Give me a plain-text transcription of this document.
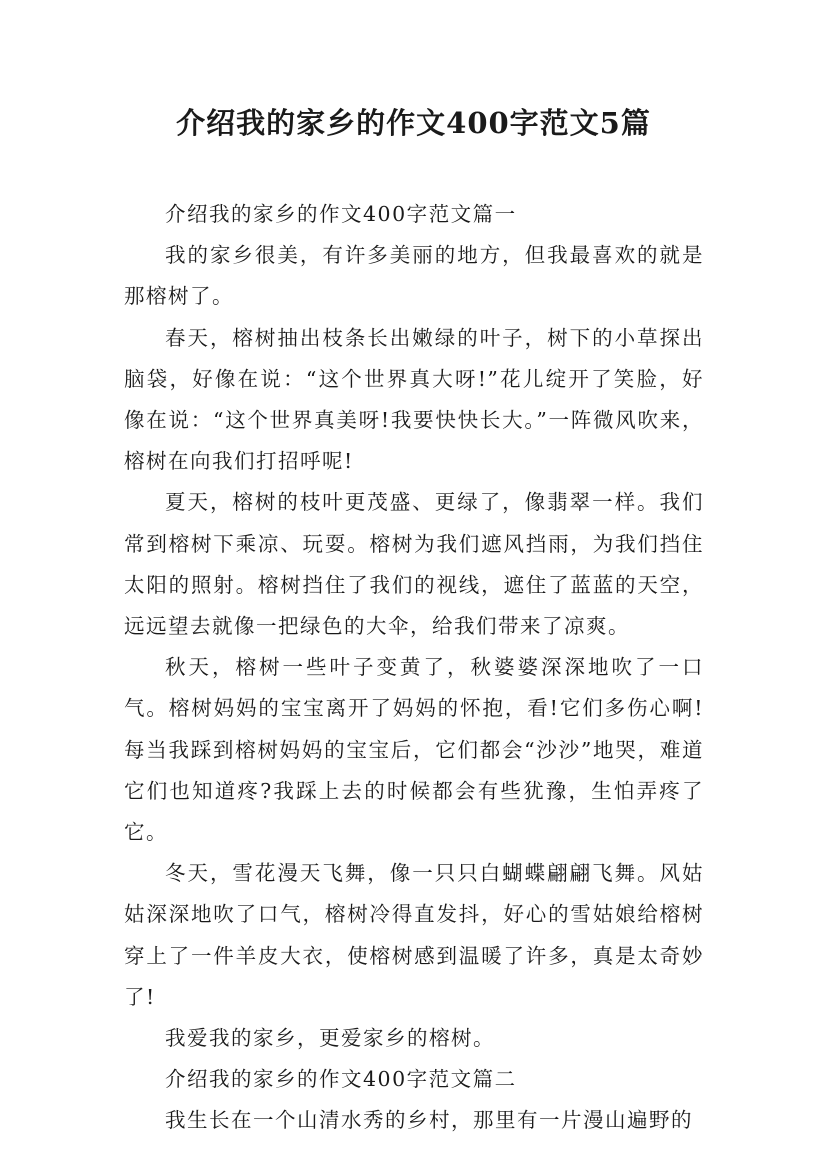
介绍我的家乡的作文400字范文5篇

介绍我的家乡的作文400字范文篇一

我的家乡很美，有许多美丽的地方，但我最喜欢的就是那榕树了。

春天，榕树抽出枝条长出嫩绿的叶子，树下的小草探出脑袋，好像在说：“这个世界真大呀!”花儿绽开了笑脸，好像在说：“这个世界真美呀!我要快快长大。”一阵微风吹来，榕树在向我们打招呼呢!

夏天，榕树的枝叶更茂盛、更绿了，像翡翠一样。我们常到榕树下乘凉、玩耍。榕树为我们遮风挡雨，为我们挡住太阳的照射。榕树挡住了我们的视线，遮住了蓝蓝的天空，远远望去就像一把绿色的大伞，给我们带来了凉爽。

秋天，榕树一些叶子变黄了，秋婆婆深深地吹了一口气。榕树妈妈的宝宝离开了妈妈的怀抱，看!它们多伤心啊!每当我踩到榕树妈妈的宝宝后，它们都会“沙沙”地哭，难道它们也知道疼?我踩上去的时候都会有些犹豫，生怕弄疼了它。

冬天，雪花漫天飞舞，像一只只白蝴蝶翩翩飞舞。风姑姑深深地吹了口气，榕树冷得直发抖，好心的雪姑娘给榕树穿上了一件羊皮大衣，使榕树感到温暖了许多，真是太奇妙了!

我爱我的家乡，更爱家乡的榕树。

介绍我的家乡的作文400字范文篇二

我生长在一个山清水秀的乡村，那里有一片漫山遍野的
